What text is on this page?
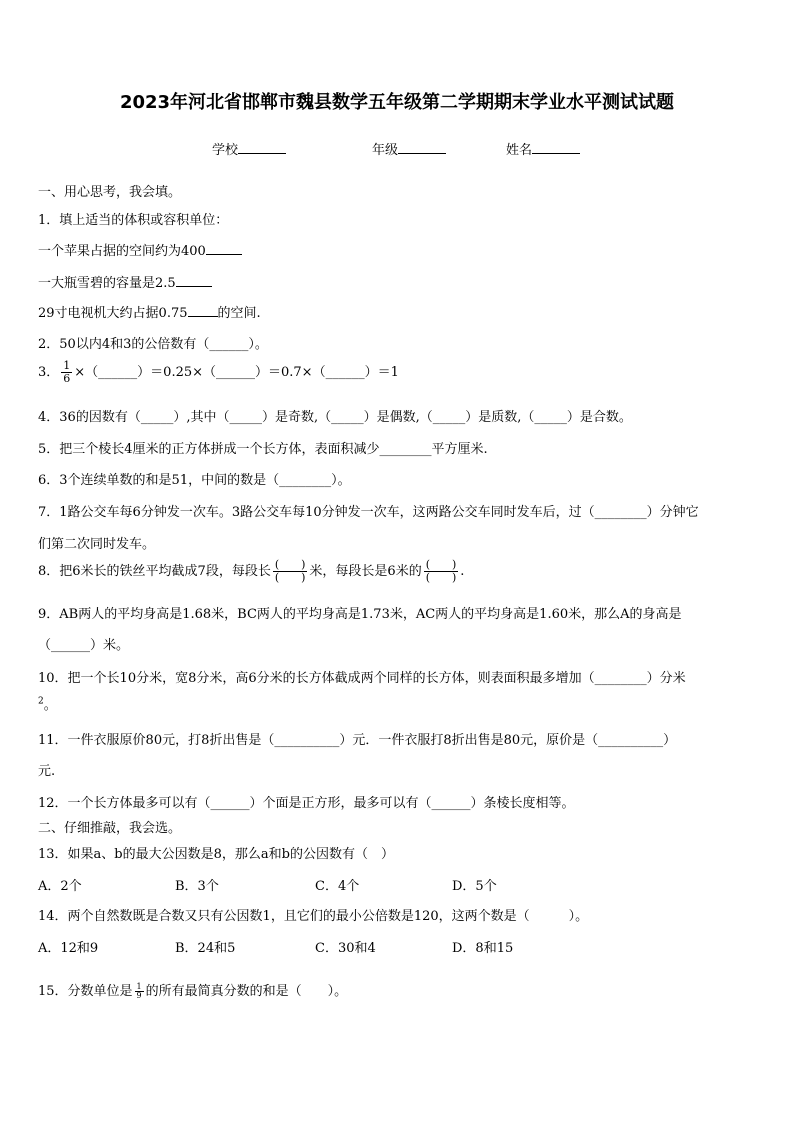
2023年河北省邯郸市魏县数学五年级第二学期期末学业水平测试试题
学校	年级	姓名
一、用心思考，我会填。
1．填上适当的体积或容积单位：
一个苹果占据的空间约为400
一大瓶雪碧的容量是2.5
29寸电视机大约占据0.75 的空间.
2．50以内4和3的公倍数有（______）。
3． $\frac{1}{6}$ ×（______）＝0.25×（______）＝0.7×（______）＝1
4．36的因数有（_____）,其中（_____）是奇数,（_____）是偶数,（_____）是质数,（_____）是合数。
5．把三个棱长4厘米的正方体拼成一个长方体，表面积减少________平方厘米.
6．3个连续单数的和是51，中间的数是（________）。
7．1路公交车每6分钟发一次车。3路公交车每10分钟发一次车，这两路公交车同时发车后，过（________）分钟它
们第二次同时发车。
8．把6米长的铁丝平均截成7段，每段长 $\frac{( )}{( )}$ 米，每段长是6米的 $\frac{( )}{( )}$ .
9．AB两人的平均身高是1.68米，BC两人的平均身高是1.73米，AC两人的平均身高是1.60米，那么A的身高是
（______）米。
10．把一个长10分米，宽8分米，高6分米的长方体截成两个同样的长方体，则表面积最多增加（________）分米
$^2$。
11．一件衣服原价80元，打8折出售是（__________）元．一件衣服打8折出售是80元，原价是（__________）
元.
12．一个长方体最多可以有（______）个面是正方形，最多可以有（______）条棱长度相等。
二、仔细推敲，我会选。
13．如果a、b的最大公因数是8，那么a和b的公因数有（　）
A．2个	B．3个	C．4个	D．5个
14．两个自然数既是合数又只有公因数1，且它们的最小公倍数是120，这两个数是（　　　）。
A．12和9	B．24和5	C．30和4	D．8和15
15．分数单位是 $\frac{1}{9}$ 的所有最简真分数的和是（　　）。
